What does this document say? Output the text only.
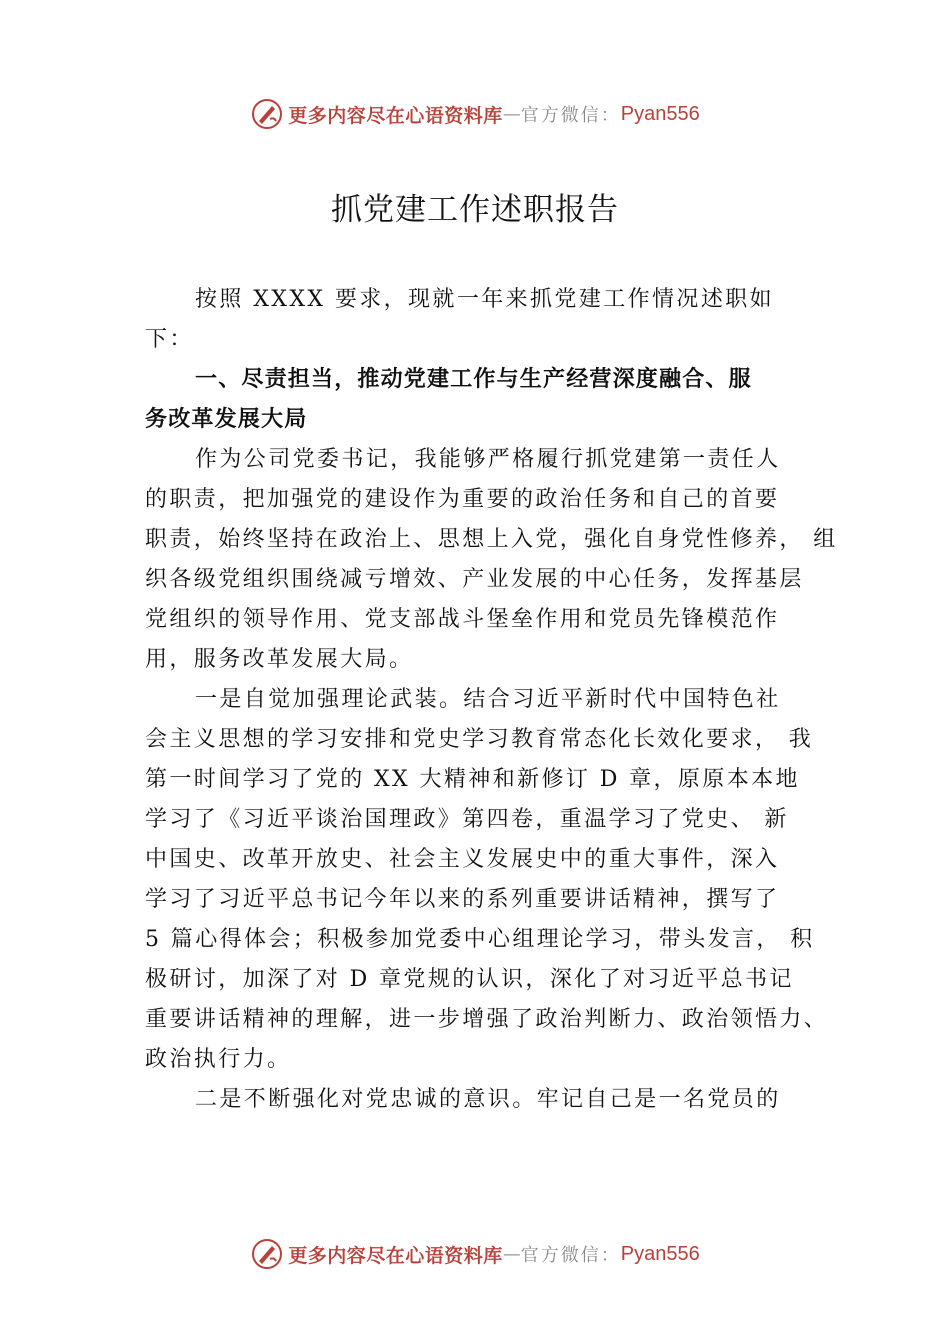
更多内容尽在心语资料库 — 官方微信： Pyan556
抓党建工作述职报告
按照 XXXX 要求，现就一年来抓党建工作情况述职如
下：
一、尽责担当，推动党建工作与生产经营深度融合、服
务改革发展大局
作为公司党委书记，我能够严格履行抓党建第一责任人
的职责，把加强党的建设作为重要的政治任务和自己的首要
职责，始终坚持在政治上、思想上入党，强化自身党性修养， 组
织各级党组织围绕减亏增效、产业发展的中心任务，发挥基层
党组织的领导作用、党支部战斗堡垒作用和党员先锋模范作
用，服务改革发展大局。
一是自觉加强理论武装。结合习近平新时代中国特色社
会主义思想的学习安排和党史学习教育常态化长效化要求， 我
第一时间学习了党的 XX 大精神和新修订 D 章，原原本本地
学习了《习近平谈治国理政》第四卷，重温学习了党史、 新
中国史、改革开放史、社会主义发展史中的重大事件，深入
学习了习近平总书记今年以来的系列重要讲话精神，撰写了
5 篇心得体会；积极参加党委中心组理论学习，带头发言， 积
极研讨，加深了对 D 章党规的认识，深化了对习近平总书记
重要讲话精神的理解，进一步增强了政治判断力、政治领悟力、
政治执行力。
二是不断强化对党忠诚的意识。牢记自己是一名党员的
更多内容尽在心语资料库 — 官方微信： Pyan556
